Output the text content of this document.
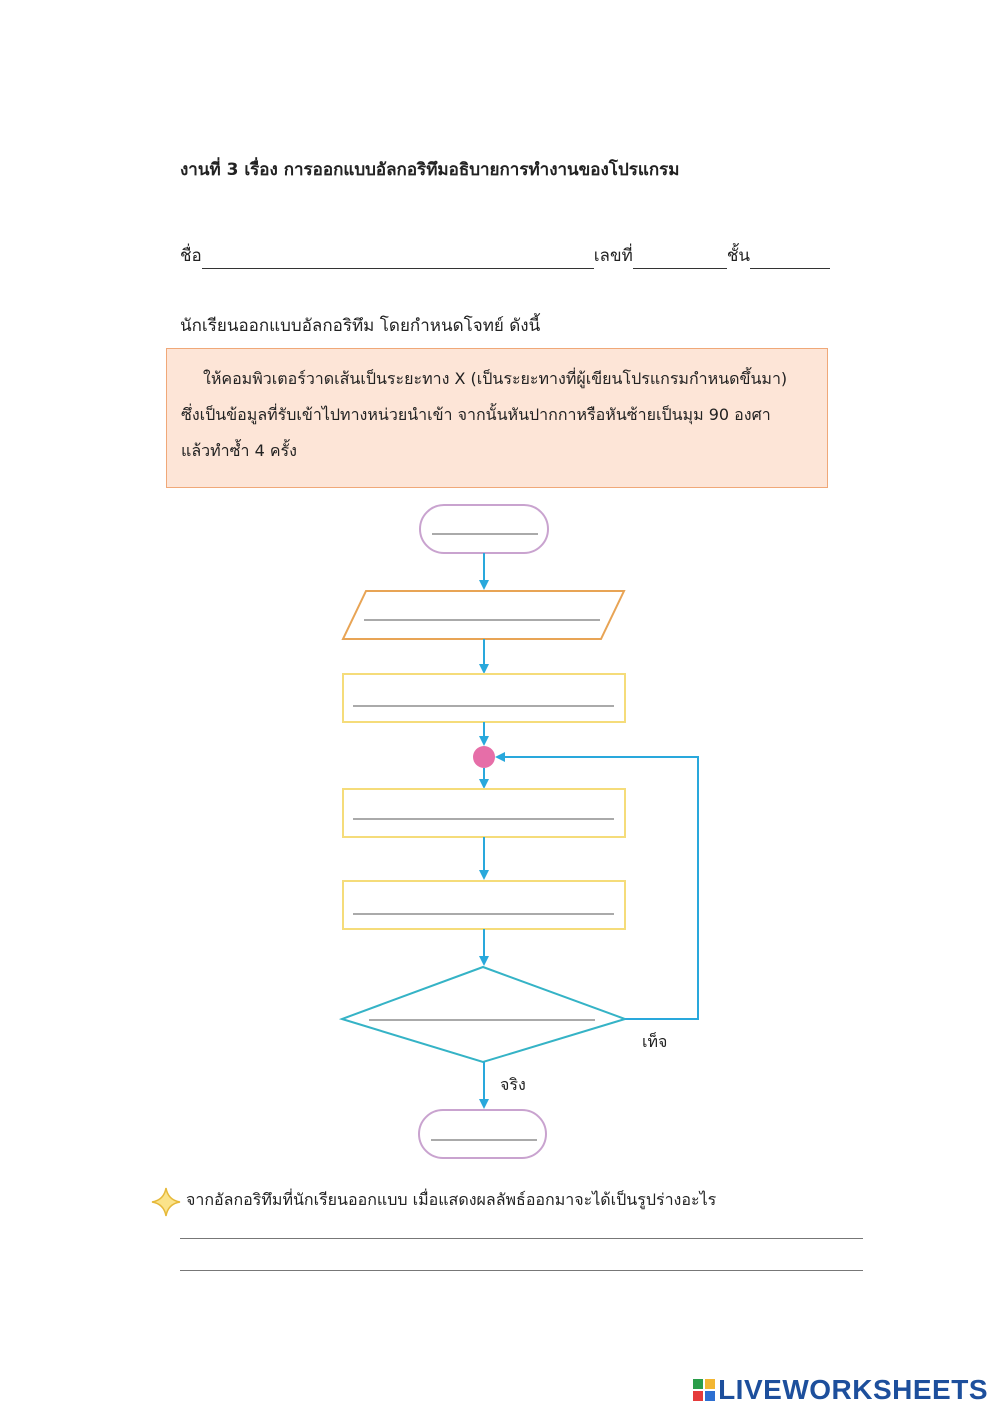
งานที่ 3 เรื่อง การออกแบบอัลกอริทึมอธิบายการทำงานของโปรแกรม
ชื่อ	เลขที่	ชั้น
นักเรียนออกแบบอัลกอริทึม โดยกำหนดโจทย์ ดังนี้
ให้คอมพิวเตอร์วาดเส้นเป็นระยะทาง X (เป็นระยะทางที่ผู้เขียนโปรแกรมกำหนดขึ้นมา)
ซึ่งเป็นข้อมูลที่รับเข้าไปทางหน่วยนำเข้า จากนั้นหันปากกาหรือหันซ้ายเป็นมุม 90 องศา
แล้วทำซ้ำ 4 ครั้ง
เท็จ
จริง
จากอัลกอริทึมที่นักเรียนออกแบบ เมื่อแสดงผลลัพธ์ออกมาจะได้เป็นรูปร่างอะไร
LIVEWORKSHEETS
